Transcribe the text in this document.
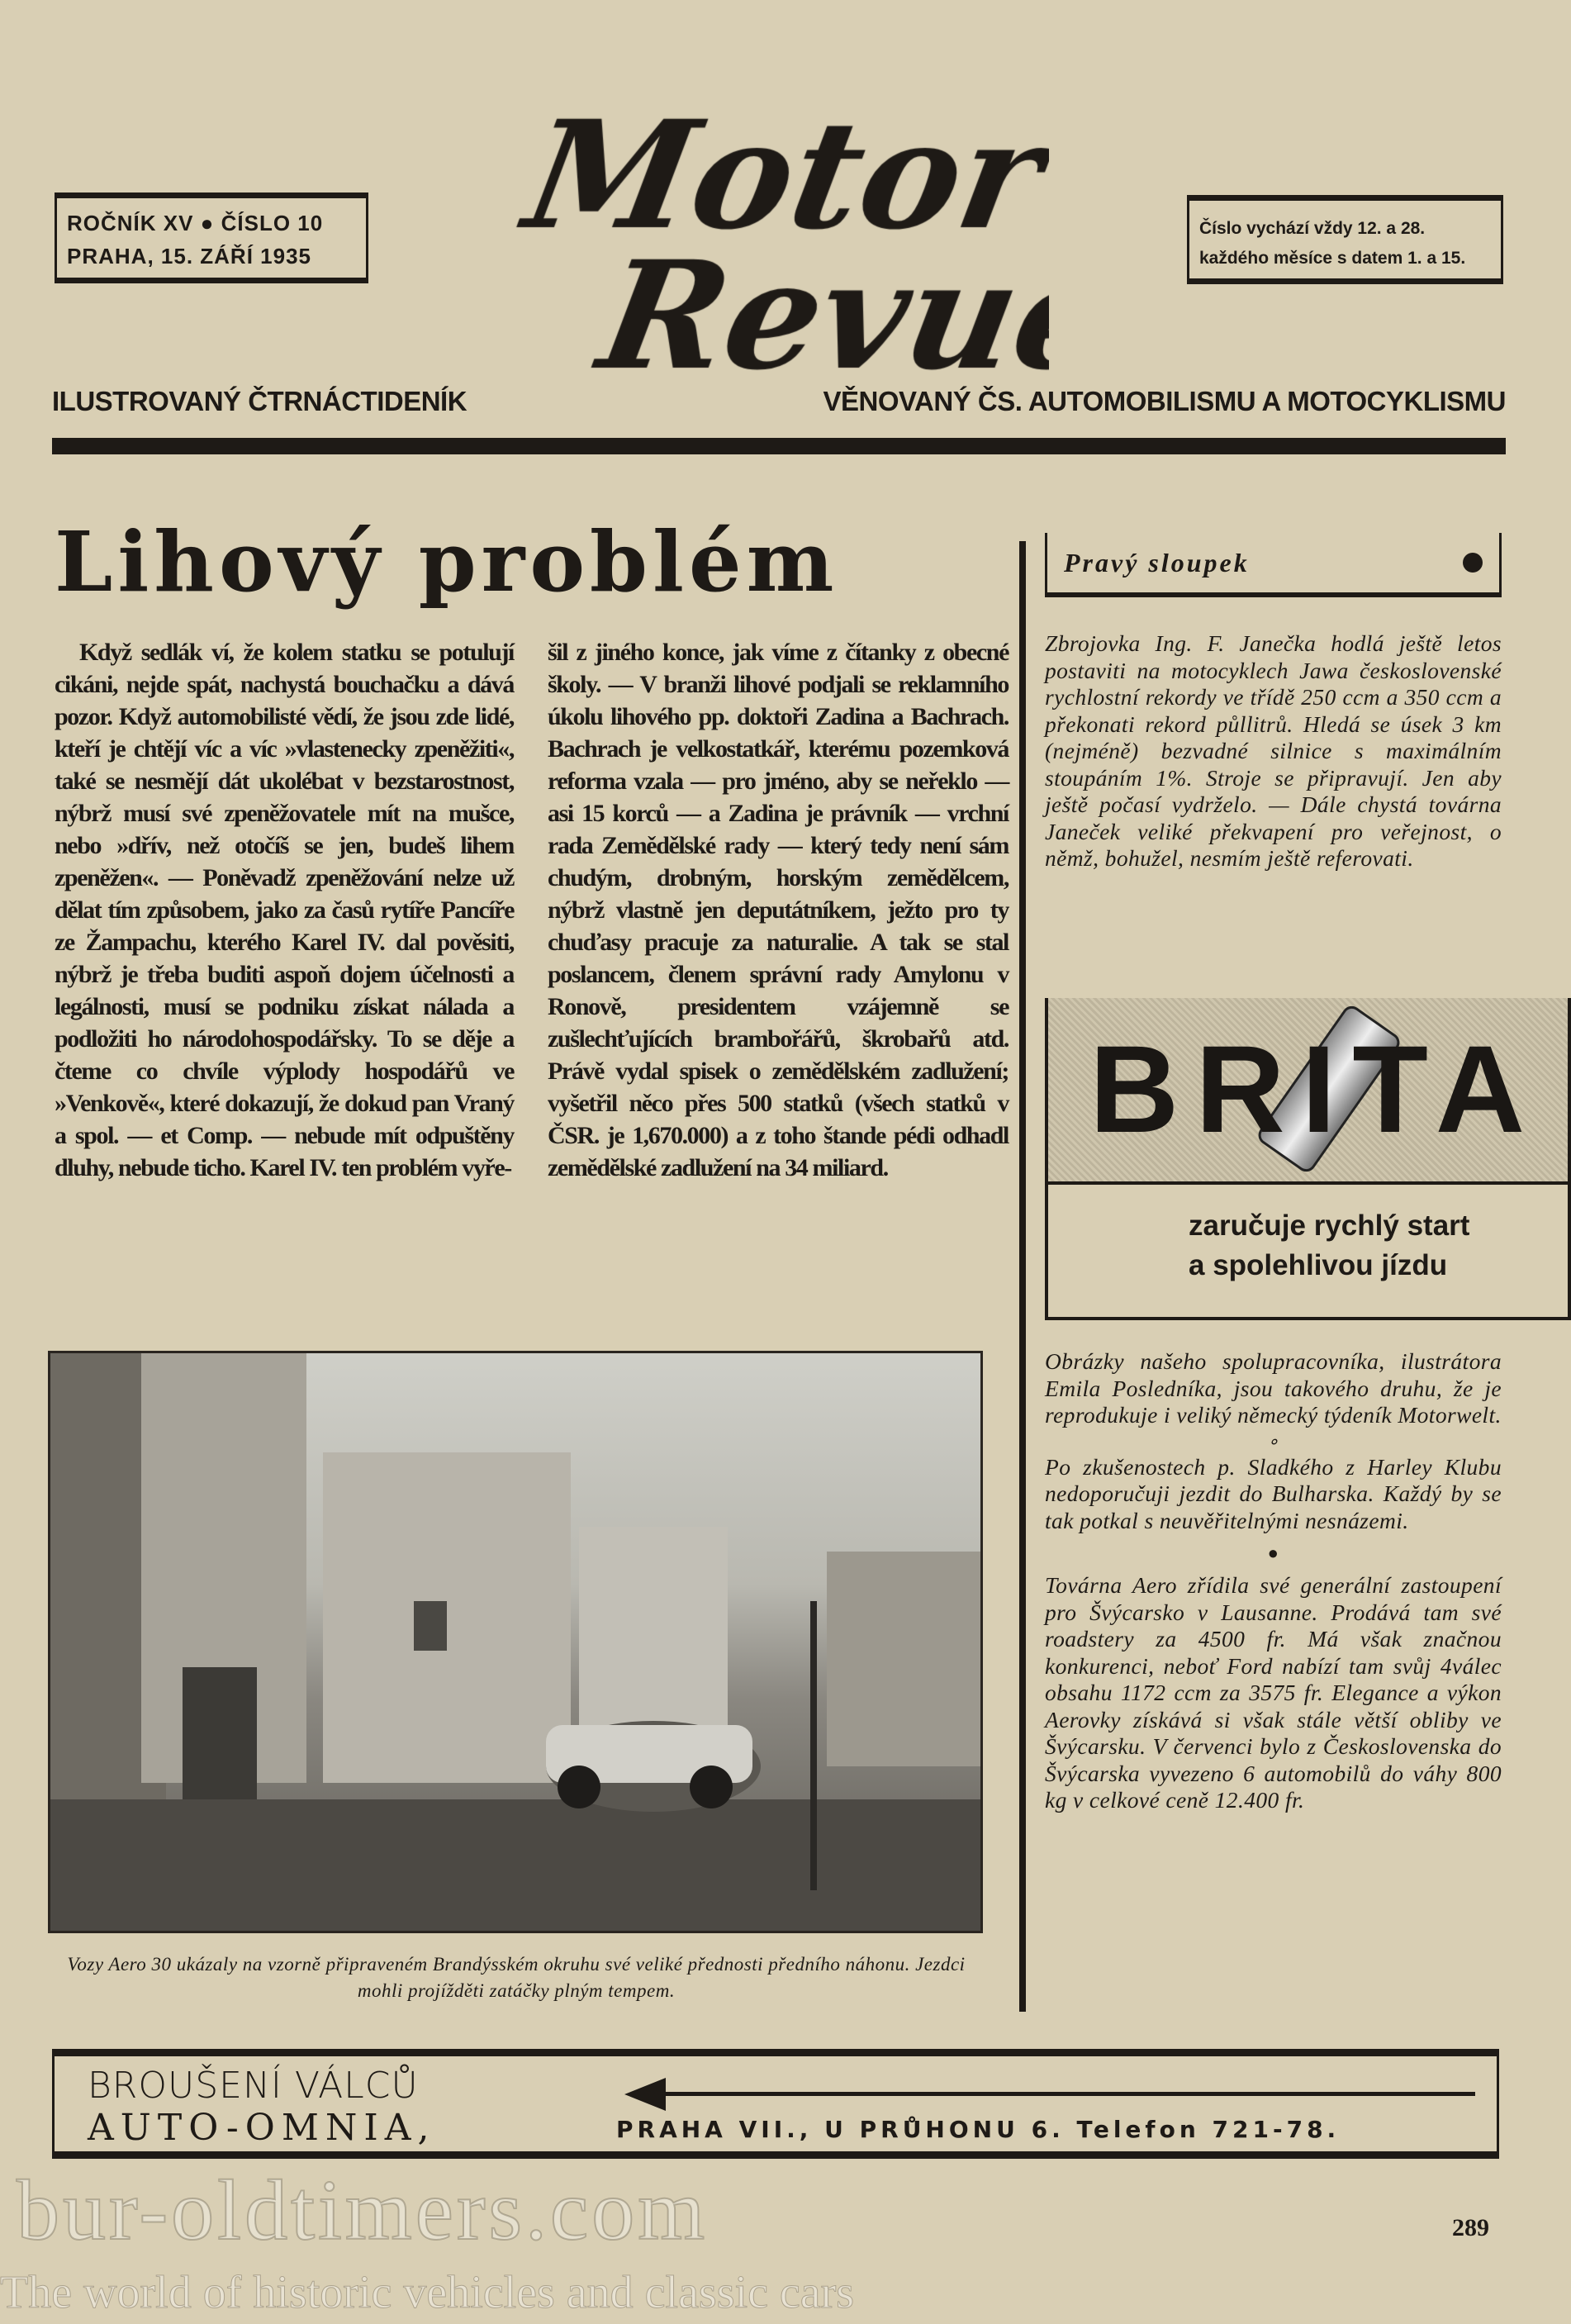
ROČNÍK XV ● ČÍSLO 10
PRAHA, 15. ZÁŘÍ 1935
Číslo vychází vždy 12. a 28.
každého měsíce s datem 1. a 15.
ILUSTROVANÝ ČTRNÁCTIDENÍK	VĚNOVANÝ ČS. AUTOMOBILISMU A MOTOCYKLISMU
Lihový problém

Když sedlák ví, že kolem statku se potulují cikáni, nejde spát, nachystá bouchačku a dává pozor. Když automobilisté vědí, že jsou zde lidé, kteří je chtějí víc a víc »vlastenecky zpeněžiti«, také se nesmějí dát ukolébat v bezstarostnost, nýbrž musí své zpeněžovatele mít na mušce, nebo »dřív, než otočíš se jen, budeš lihem zpeněžen«. — Poněvadž zpeněžování nelze už dělat tím způsobem, jako za časů rytíře Pancíře ze Žampachu, kterého Karel IV. dal pověsiti, nýbrž je třeba buditi aspoň dojem účelnosti a legálnosti, musí se podniku získat nálada a podložiti ho národohospodářsky. To se děje a čteme co chvíle výplody hospodářů ve »Venkově«, které dokazují, že dokud pan Vraný a spol. — et Comp. — nebude mít odpuštěny dluhy, nebude ticho. Karel IV. ten problém vyře-

šil z jiného konce, jak víme z čítanky z obecné školy. — V branži lihové podjali se reklamního úkolu lihového pp. doktoři Zadina a Bachrach. Bachrach je velkostatkář, kterému pozemková reforma vzala — pro jméno, aby se neřeklo — asi 15 korců — a Zadina je právník — vrchní rada Zemědělské rady — který tedy není sám chudým, drobným, horským zemědělcem, nýbrž vlastně jen deputátníkem, ježto pro ty chuďasy pracuje za naturalie. A tak se stal poslancem, členem správní rady Amylonu v Ronově, presidentem vzájemně se zušlechťujících brambořářů, škrobařů atd. Právě vydal spisek o zemědělském zadlužení; vyšetřil něco přes 500 statků (všech statků v ČSR. je 1,670.000) a z toho štande pédi odhadl zemědělské zadlužení na 34 miliard.

Vozy Aero 30 ukázaly na vzorně připraveném Brandýsském okruhu své veliké přednosti předního náhonu. Jezdci mohli projížděti zatáčky plným tempem.
Pravý sloupek
Zbrojovka Ing. F. Janečka hodlá ještě letos postaviti na motocyklech Jawa československé rychlostní rekordy ve třídě 250 ccm a 350 ccm a překonati rekord půllitrů. Hledá se úsek 3 km (nejméně) bezvadné silnice s maximálním stoupáním 1%. Stroje se připravují. Jen aby ještě počasí vydrželo. — Dále chystá továrna Janeček veliké překvapení pro veřejnost, o němž, bohužel, nesmím ještě referovati.
BRITA
zaručuje rychlý start
a spolehlivou jízdu
Obrázky našeho spolupracovníka, ilustrátora Emila Posledníka, jsou takového druhu, že je reprodukuje i veliký německý týdeník Motorwelt.
∘
Po zkušenostech p. Sladkého z Harley Klubu nedoporučuji jezdit do Bulharska. Každý by se tak potkal s neuvěřitelnými nesnázemi.
●
Továrna Aero zřídila své generální zastoupení pro Švýcarsko v Lausanne. Prodává tam své roadstery za 4500 fr. Má však značnou konkurenci, neboť Ford nabízí tam svůj 4válec obsahu 1172 ccm za 3575 fr. Elegance a výkon Aerovky získává si však stále větší obliby ve Švýcarsku. V červenci bylo z Československa do Švýcarska vyvezeno 6 automobilů do váhy 800 kg v celkové ceně 12.400 fr.
BROUŠENÍ VÁLCŮ
AUTO-OMNIA,	PRAHA VII., U PRŮHONU 6. Telefon 721-78.
bur-oldtimers.com	289
The world of historic vehicles and classic cars
